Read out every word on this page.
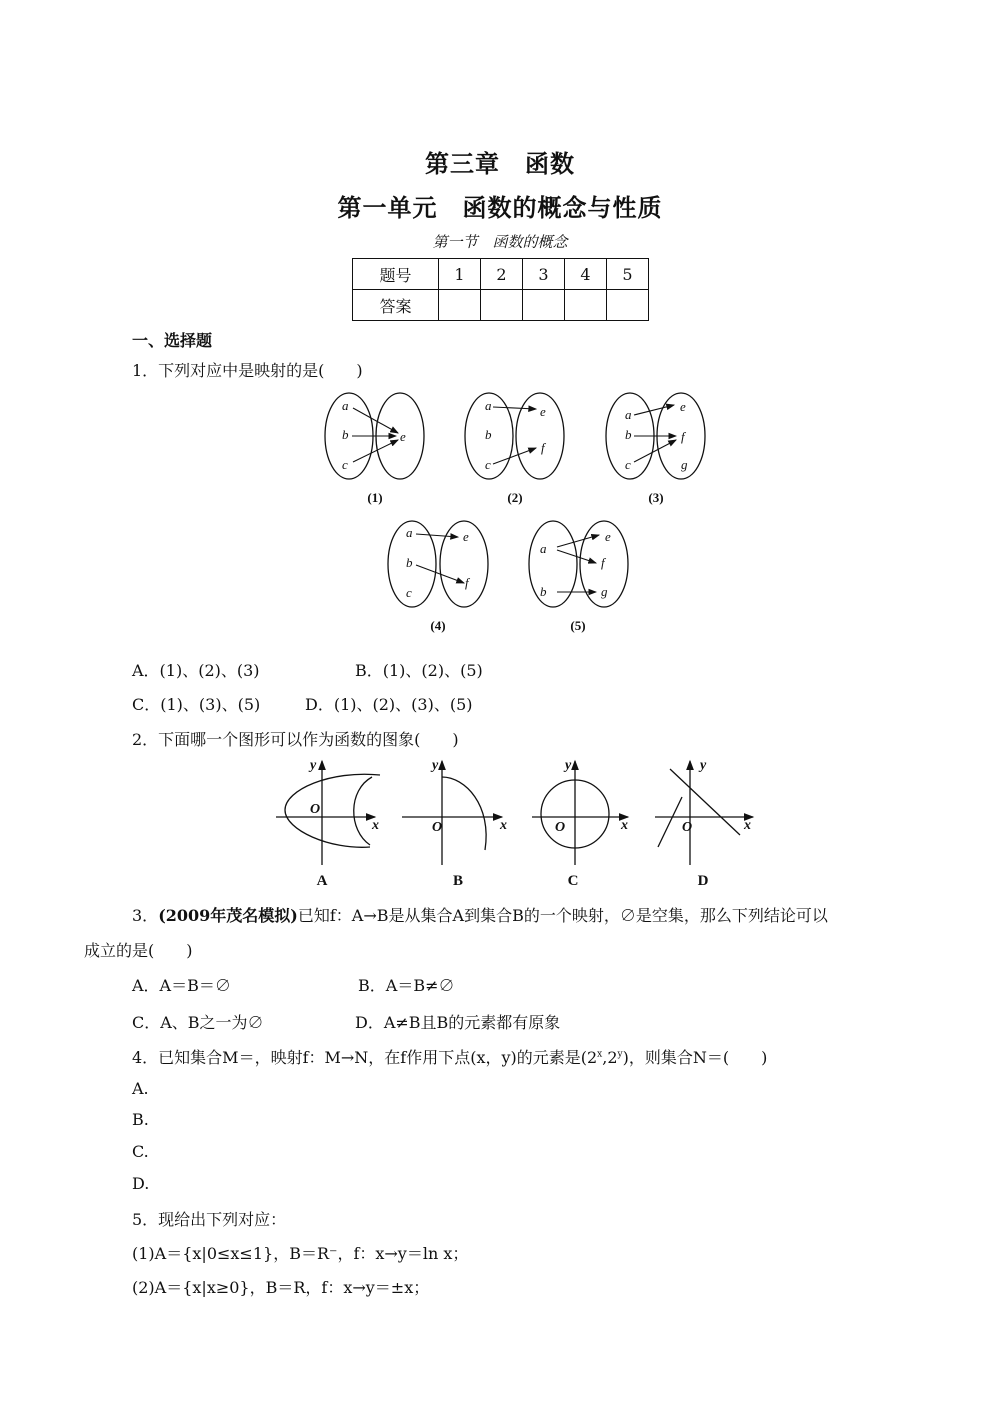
第三章　函数
第一单元　函数的概念与性质
第一节　函数的概念
题号	1	2	3	4	5
答案					
一、选择题
1．下列对应中是映射的是(　　)
a
b
c
e
a
b
c
e
f
a
b
c
e
f
g
a
b
c
e
f
a
b
e
f
g
(1)	(2)	(3)
(4)	(5)
A．(1)、(2)、(3)	B．(1)、(2)、(5)
C．(1)、(3)、(5)	D．(1)、(2)、(3)、(5)
2．下面哪一个图形可以作为函数的图象(　　)
y
x
O
y
x
O
y
x
O
y
x
O
A	B	C	D
3．(2009年茂名模拟)已知f：A→B是从集合A到集合B的一个映射，∅是空集，那么下列结论可以
成立的是(　　)
A．A＝B＝∅	B．A＝B≠∅
C．A、B之一为∅	D．A≠B且B的元素都有原象
4．已知集合M＝，映射f：M→N，在f作用下点(x，y)的元素是(2$^x$,2$^y$)，则集合N＝(　　)
A.
B.
C.
D.
5．现给出下列对应：
(1)A＝{x|0≤x≤1}，B＝R⁻，f：x→y＝ln x；
(2)A＝{x|x≥0}，B＝R，f：x→y＝±x；
